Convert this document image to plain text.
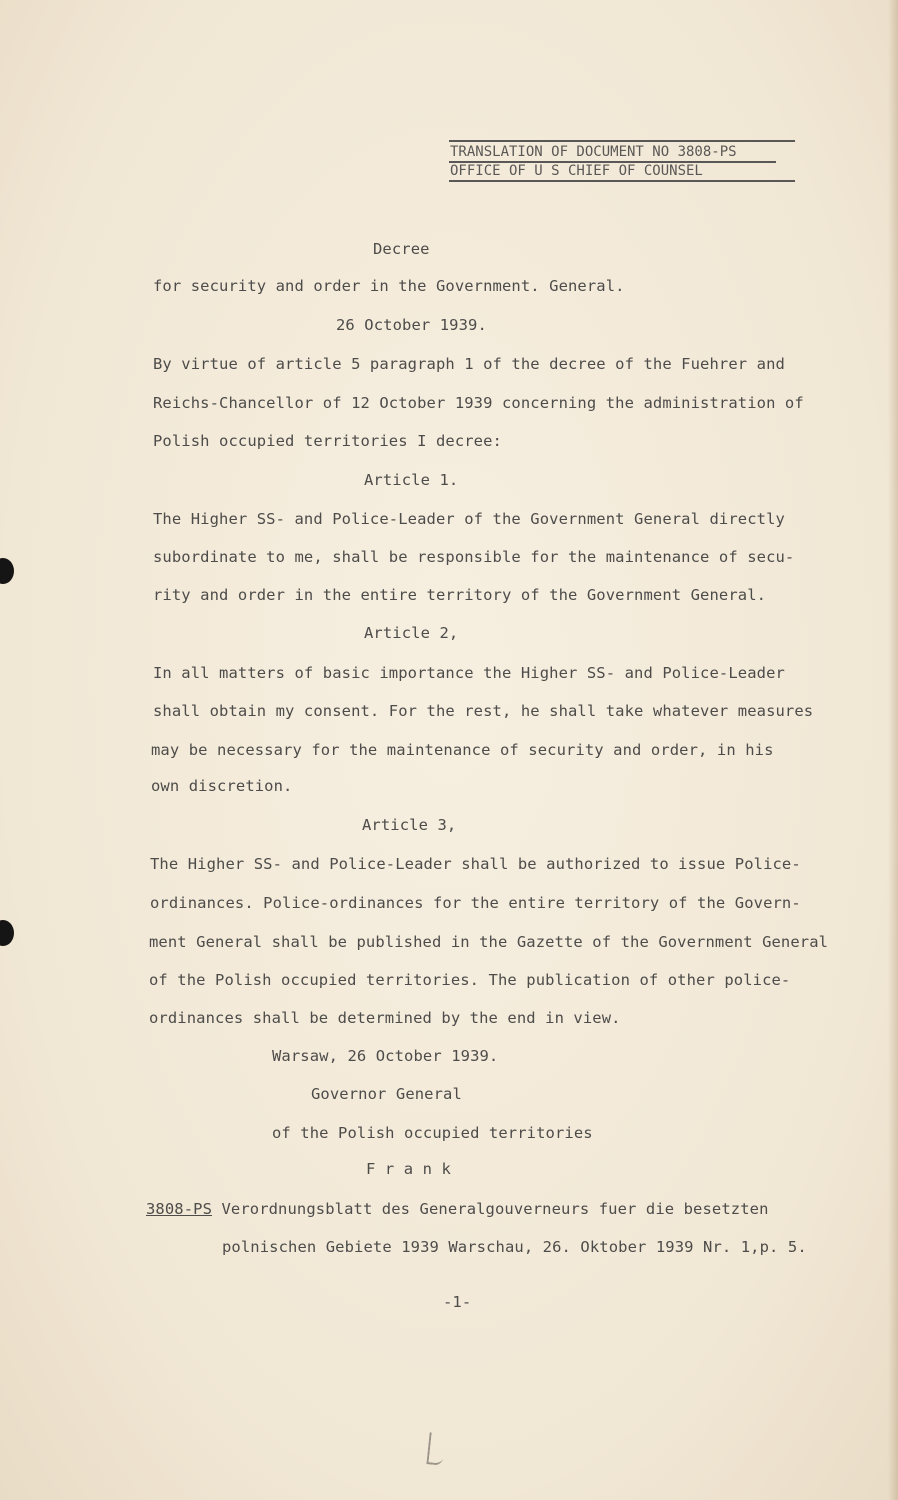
TRANSLATION OF DOCUMENT NO 3808-PS
OFFICE OF U S CHIEF OF COUNSEL
Decree
for security and order in the Government. General.
26 October 1939.
By virtue of article 5 paragraph 1 of the decree of the Fuehrer and
Reichs-Chancellor of 12 October 1939 concerning the administration of
Polish occupied territories I decree:
Article 1.
The Higher SS- and Police-Leader of the Government General directly
subordinate to me, shall be responsible for the maintenance of secu-
rity and order in the entire territory of the Government General.
Article 2,
In all matters of basic importance the Higher SS- and Police-Leader
shall obtain my consent. For the rest, he shall take whatever measures
may be necessary for the maintenance of security and order, in his
own discretion.
Article 3,
The Higher SS- and Police-Leader shall be authorized to issue Police-
ordinances. Police-ordinances for the entire territory of the Govern-
ment General shall be published in the Gazette of the Government General
of the Polish occupied territories. The publication of other police-
ordinances shall be determined by the end in view.
Warsaw, 26 October 1939.
Governor General
of the Polish occupied territories
F r a n k
3808-PS Verordnungsblatt des Generalgouverneurs fuer die besetzten
polnischen Gebiete 1939 Warschau, 26. Oktober 1939 Nr. 1,p. 5.
-1-
